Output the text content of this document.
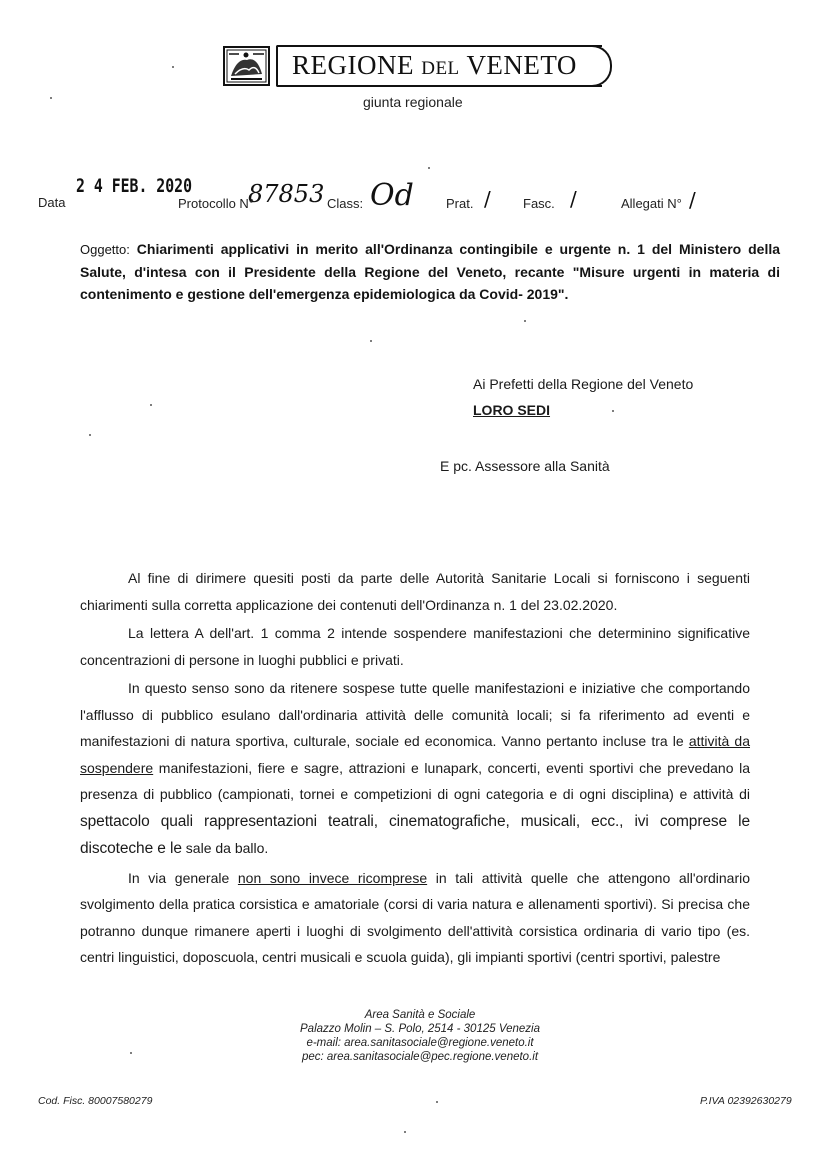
REGIONE DEL VENETO
giunta regionale
Data
2 4 FEB. 2020
Protocollo N°
87853 Class: Od Prat. / Fasc. /	Allegati N° /
Oggetto: Chiarimenti applicativi in merito all'Ordinanza contingibile e urgente n. 1 del Ministero della Salute, d'intesa con il Presidente della Regione del Veneto, recante "Misure urgenti in materia di contenimento e gestione dell'emergenza epidemiologica da Covid- 2019".
Ai Prefetti della Regione del Veneto
LORO SEDI
E pc. Assessore alla Sanità

Al fine di dirimere quesiti posti da parte delle Autorità Sanitarie Locali si forniscono i seguenti chiarimenti sulla corretta applicazione dei contenuti dell'Ordinanza n. 1 del 23.02.2020.

La lettera A dell'art. 1 comma 2 intende sospendere manifestazioni che determinino significative concentrazioni di persone in luoghi pubblici e privati.

In questo senso sono da ritenere sospese tutte quelle manifestazioni e iniziative che comportando l'afflusso di pubblico esulano dall'ordinaria attività delle comunità locali; si fa riferimento ad eventi e manifestazioni di natura sportiva, culturale, sociale ed economica. Vanno pertanto incluse tra le attività da sospendere manifestazioni, fiere e sagre, attrazioni e lunapark, concerti, eventi sportivi che prevedano la presenza di pubblico (campionati, tornei e competizioni di ogni categoria e di ogni disciplina) e attività di spettacolo quali rappresentazioni teatrali, cinematografiche, musicali, ecc., ivi comprese le discoteche e le sale da ballo.

In via generale non sono invece ricomprese in tali attività quelle che attengono all'ordinario svolgimento della pratica corsistica e amatoriale (corsi di varia natura e allenamenti sportivi). Si precisa che potranno dunque rimanere aperti i luoghi di svolgimento dell'attività corsistica ordinaria di vario tipo (es. centri linguistici, doposcuola, centri musicali e scuola guida), gli impianti sportivi (centri sportivi, palestre

Area Sanità e Sociale
Palazzo Molin – S. Polo, 2514 - 30125 Venezia
e-mail: area.sanitasociale@regione.veneto.it
pec: area.sanitasociale@pec.regione.veneto.it
Cod. Fisc. 80007580279	P.IVA 02392630279
